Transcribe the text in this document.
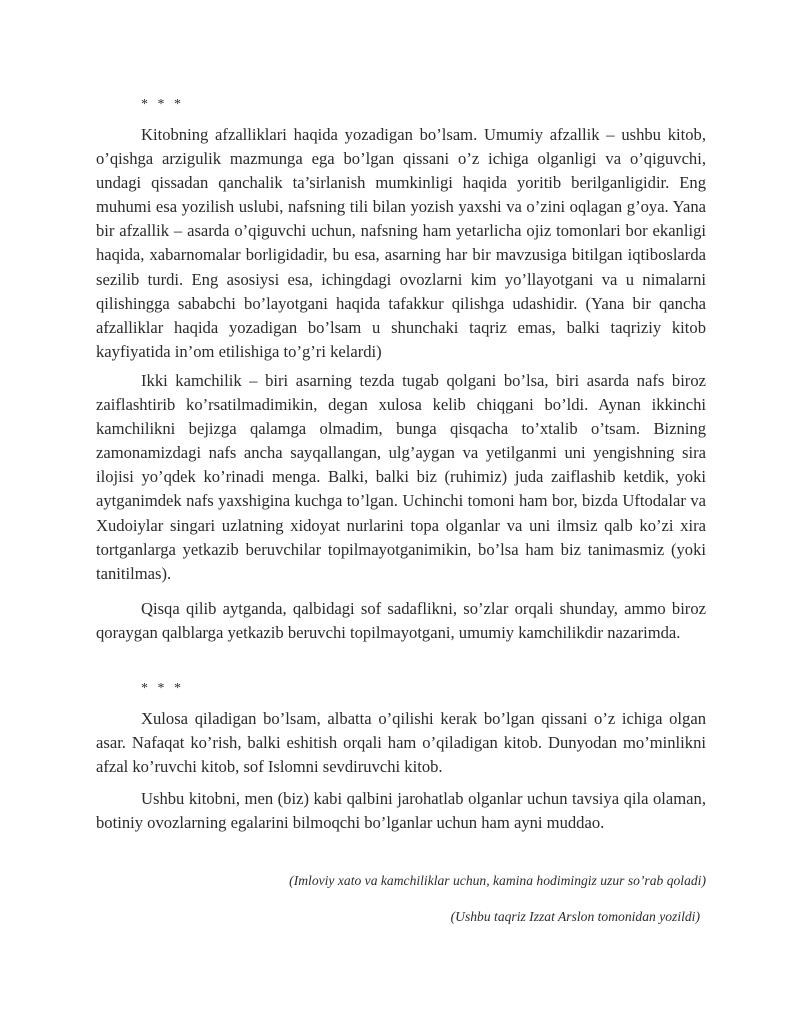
* * *

Kitobning afzalliklari haqida yozadigan bo’lsam. Umumiy afzallik – ushbu kitob, o’qishga arzigulik mazmunga ega bo’lgan qissani o’z ichiga olganligi va o’qiguvchi, undagi qissadan qanchalik ta’sirlanish mumkinligi haqida yoritib berilganligidir. Eng muhumi esa yozilish uslubi, nafsning tili bilan yozish yaxshi va o’zini oqlagan g’oya. Yana bir afzallik – asarda o’qiguvchi uchun, nafsning ham yetarlicha ojiz tomonlari bor ekanligi haqida, xabarnomalar borligidadir, bu esa, asarning har bir mavzusiga bitilgan iqtiboslarda sezilib turdi. Eng asosiysi esa, ichingdagi ovozlarni kim yo’llayotgani va u nimalarni qilishingga sababchi bo’layotgani haqida tafakkur qilishga udashidir. (Yana bir qancha afzalliklar haqida yozadigan bo’lsam u shunchaki taqriz emas, balki taqriziy kitob kayfiyatida in’om etilishiga to’g’ri kelardi)

Ikki kamchilik – biri asarning tezda tugab qolgani bo’lsa, biri asarda nafs biroz zaiflashtirib ko’rsatilmadimikin, degan xulosa kelib chiqgani bo’ldi. Aynan ikkinchi kamchilikni bejizga qalamga olmadim, bunga qisqacha to’xtalib o’tsam. Bizning zamonamizdagi nafs ancha sayqallangan, ulg’aygan va yetilganmi uni yengishning sira ilojisi yo’qdek ko’rinadi menga. Balki, balki biz (ruhimiz) juda zaiflashib ketdik, yoki aytganimdek nafs yaxshigina kuchga to’lgan. Uchinchi tomoni ham bor, bizda Uftodalar va Xudoiylar singari uzlatning xidoyat nurlarini topa olganlar va uni ilmsiz qalb ko’zi xira tortganlarga yetkazib beruvchilar topilmayotganimikin, bo’lsa ham biz tanimasmiz (yoki tanitilmas).

Qisqa qilib aytganda, qalbidagi sof sadaflikni, so’zlar orqali shunday, ammo biroz qoraygan qalblarga yetkazib beruvchi topilmayotgani, umumiy kamchilikdir nazarimda.

* * *

Xulosa qiladigan bo’lsam, albatta o’qilishi kerak bo’lgan qissani o’z ichiga olgan asar. Nafaqat ko’rish, balki eshitish orqali ham o’qiladigan kitob. Dunyodan mo’minlikni afzal ko’ruvchi kitob, sof Islomni sevdiruvchi kitob.

Ushbu kitobni, men (biz) kabi qalbini jarohatlab olganlar uchun tavsiya qila olaman, botiniy ovozlarning egalarini bilmoqchi bo’lganlar uchun ham ayni muddao.

(Imloviy xato va kamchiliklar uchun, kamina hodimingiz uzur so’rab qoladi)
(Ushbu taqriz Izzat Arslon tomonidan yozildi)
